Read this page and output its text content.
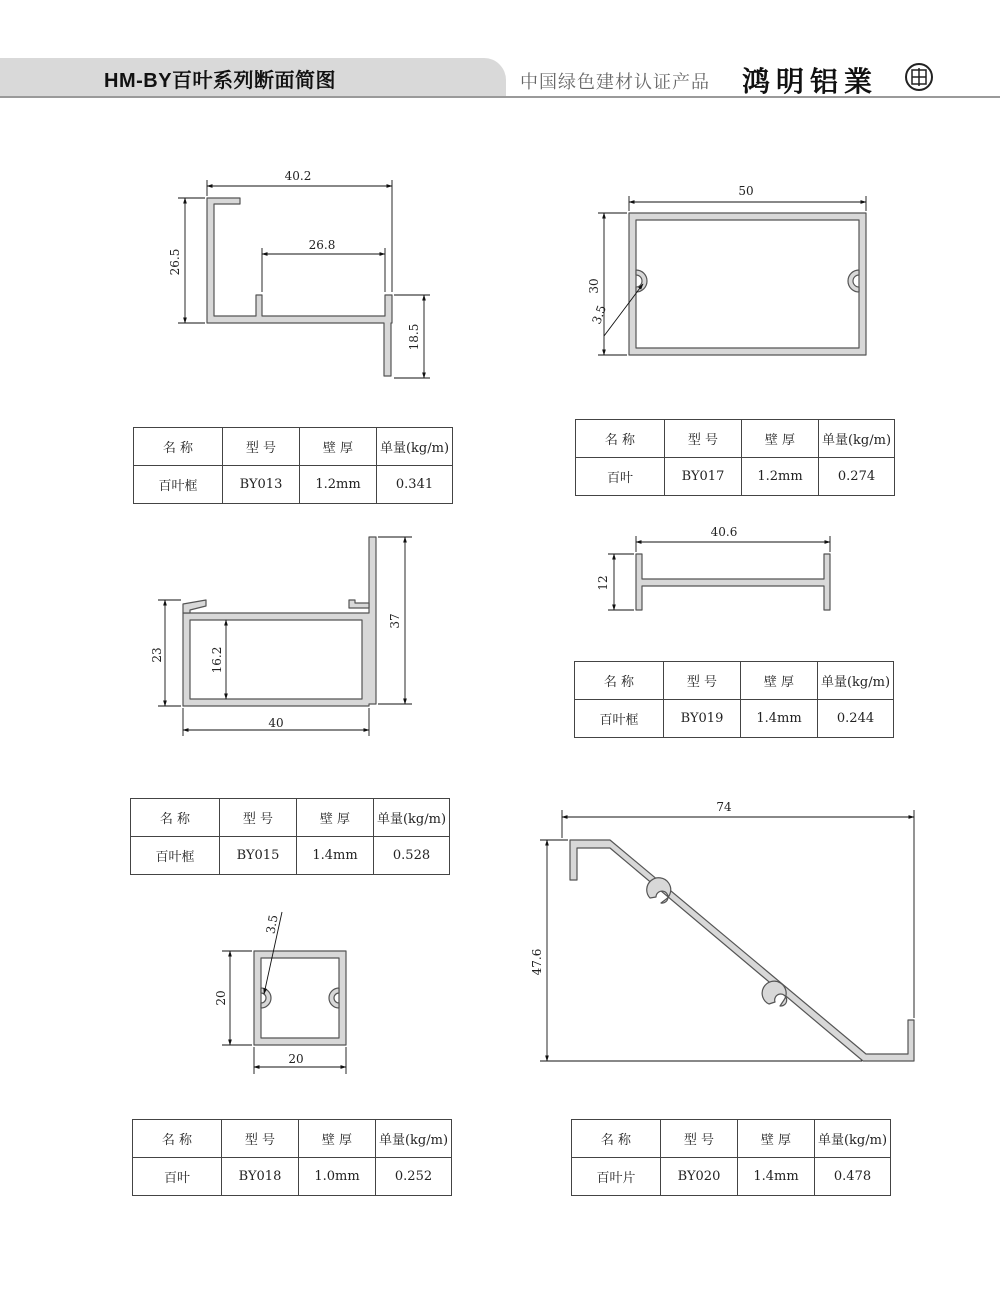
HM-BY百叶系列断面简图	中国绿色建材认证产品 鸿明铝業
40.2
26.8
26.5
18.5
50
30
3.5
23	16.2
37
40
40.6
12
3.5
20
20
74
47.6
名 称	型 号	壁 厚	单量(kg/m)
百叶框	BY013	1.2mm	0.341
名 称	型 号	壁 厚	单量(kg/m)
百叶	BY017	1.2mm	0.274
名 称	型 号	壁 厚	单量(kg/m)
百叶框	BY015	1.4mm	0.528
名 称	型 号	壁 厚	单量(kg/m)
百叶框	BY019	1.4mm	0.244
名 称	型 号	壁 厚	单量(kg/m)
百叶	BY018	1.0mm	0.252
名 称	型 号	壁 厚	单量(kg/m)
百叶片	BY020	1.4mm	0.478
